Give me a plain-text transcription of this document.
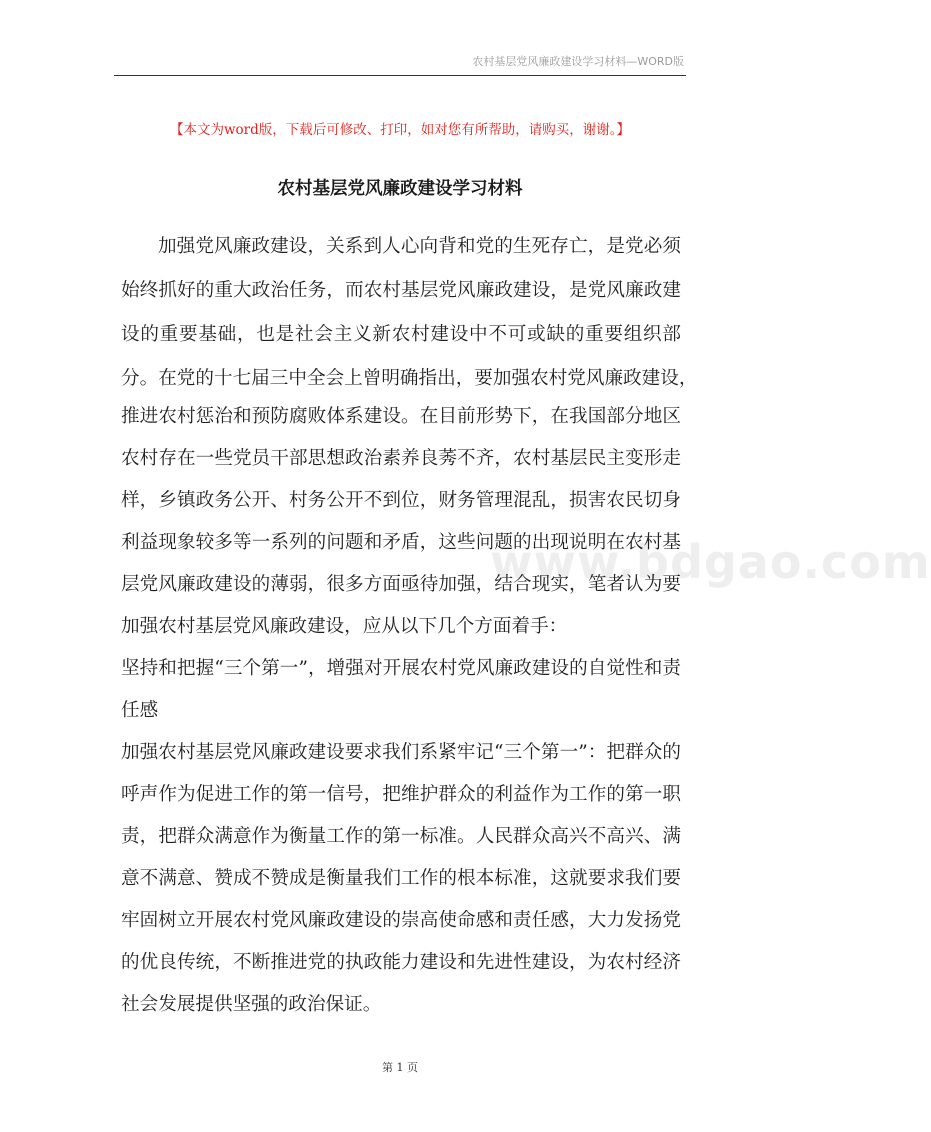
农村基层党风廉政建设学习材料—WORD版
【本文为word版，下载后可修改、打印，如对您有所帮助，请购买，谢谢。】
农村基层党风廉政建设学习材料
www.bdgao.com
加强党风廉政建设，关系到人心向背和党的生死存亡，是党必须
始终抓好的重大政治任务，而农村基层党风廉政建设，是党风廉政建
设的重要基础，也是社会主义新农村建设中不可或缺的重要组织部
分。在党的十七届三中全会上曾明确指出，要加强农村党风廉政建设，
推进农村惩治和预防腐败体系建设。在目前形势下，在我国部分地区
农村存在一些党员干部思想政治素养良莠不齐，农村基层民主变形走
样，乡镇政务公开、村务公开不到位，财务管理混乱，损害农民切身
利益现象较多等一系列的问题和矛盾，这些问题的出现说明在农村基
层党风廉政建设的薄弱，很多方面亟待加强，结合现实，笔者认为要
加强农村基层党风廉政建设，应从以下几个方面着手：
坚持和把握“三个第一”，增强对开展农村党风廉政建设的自觉性和责
任感
加强农村基层党风廉政建设要求我们系紧牢记“三个第一”：把群众的
呼声作为促进工作的第一信号，把维护群众的利益作为工作的第一职
责，把群众满意作为衡量工作的第一标准。人民群众高兴不高兴、满
意不满意、赞成不赞成是衡量我们工作的根本标准，这就要求我们要
牢固树立开展农村党风廉政建设的崇高使命感和责任感，大力发扬党
的优良传统，不断推进党的执政能力建设和先进性建设，为农村经济
社会发展提供坚强的政治保证。
第 1 页
